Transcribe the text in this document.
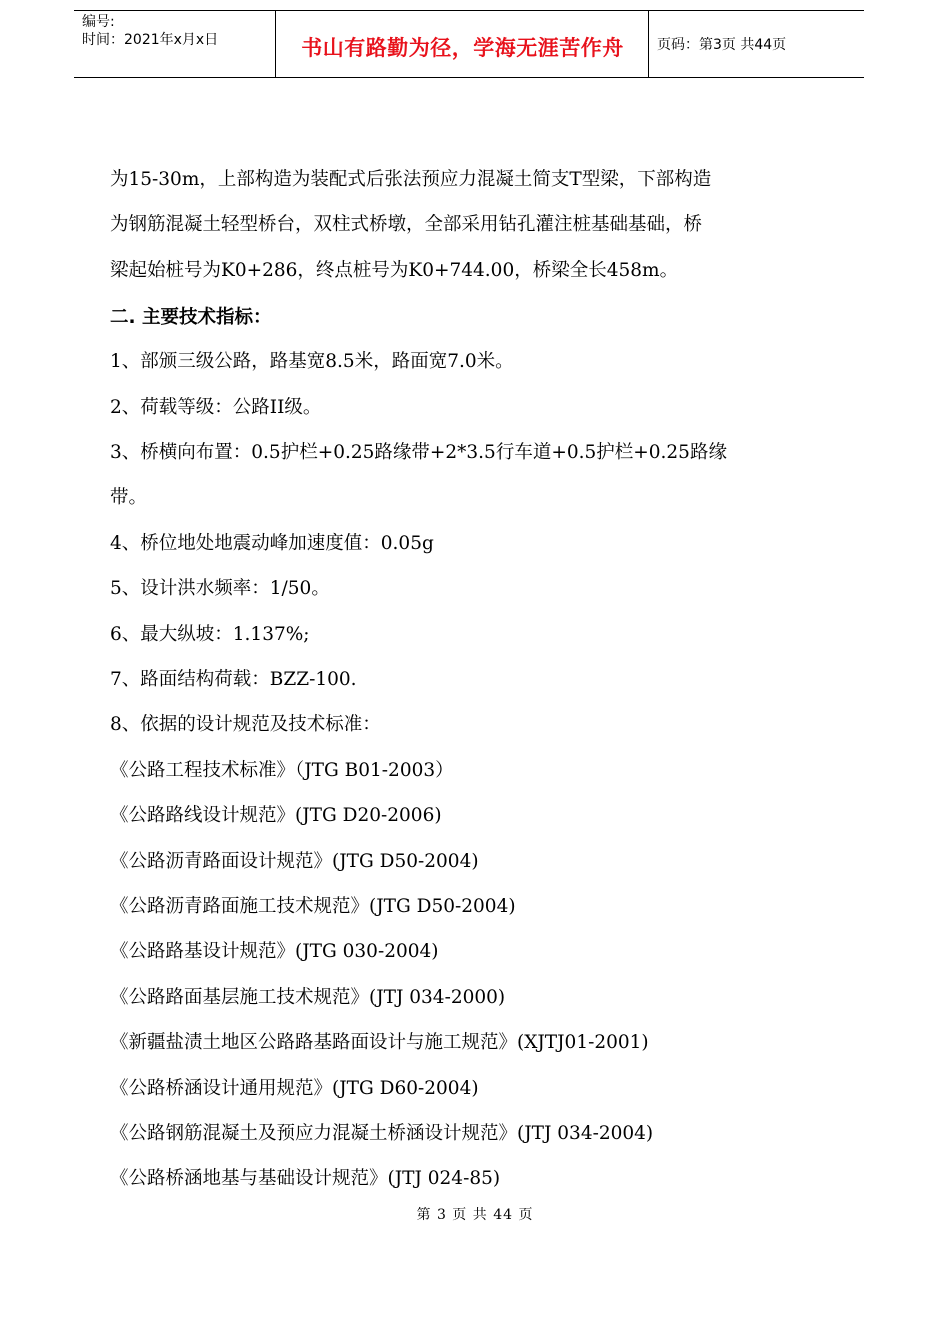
编号:
时间：2021年x月x日	书山有路勤为径，学海无涯苦作舟	页码：第3页 共44页
为15-30m，上部构造为装配式后张法预应力混凝土简支T型梁，下部构造
为钢筋混凝土轻型桥台，双柱式桥墩，全部采用钻孔灌注桩基础基础，桥
梁起始桩号为K0+286，终点桩号为K0+744.00，桥梁全长458m。
二. 主要技术指标：
1、部颁三级公路，路基宽8.5米，路面宽7.0米。
2、荷载等级：公路II级。
3、桥横向布置：0.5护栏+0.25路缘带+2*3.5行车道+0.5护栏+0.25路缘
带。
4、桥位地处地震动峰加速度值：0.05g
5、设计洪水频率：1/50。
6、最大纵坡：1.137%;
7、路面结构荷载：BZZ-100.
8、依据的设计规范及技术标准：
《公路工程技术标准》（JTG B01-2003）
《公路路线设计规范》(JTG D20-2006)
《公路沥青路面设计规范》(JTG D50-2004)
《公路沥青路面施工技术规范》(JTG D50-2004)
《公路路基设计规范》(JTG 030-2004)
《公路路面基层施工技术规范》(JTJ 034-2000)
《新疆盐渍土地区公路路基路面设计与施工规范》(XJTJ01-2001)
《公路桥涵设计通用规范》(JTG D60-2004)
《公路钢筋混凝土及预应力混凝土桥涵设计规范》(JTJ 034-2004)
《公路桥涵地基与基础设计规范》(JTJ 024-85)
第 3 页 共 44 页
